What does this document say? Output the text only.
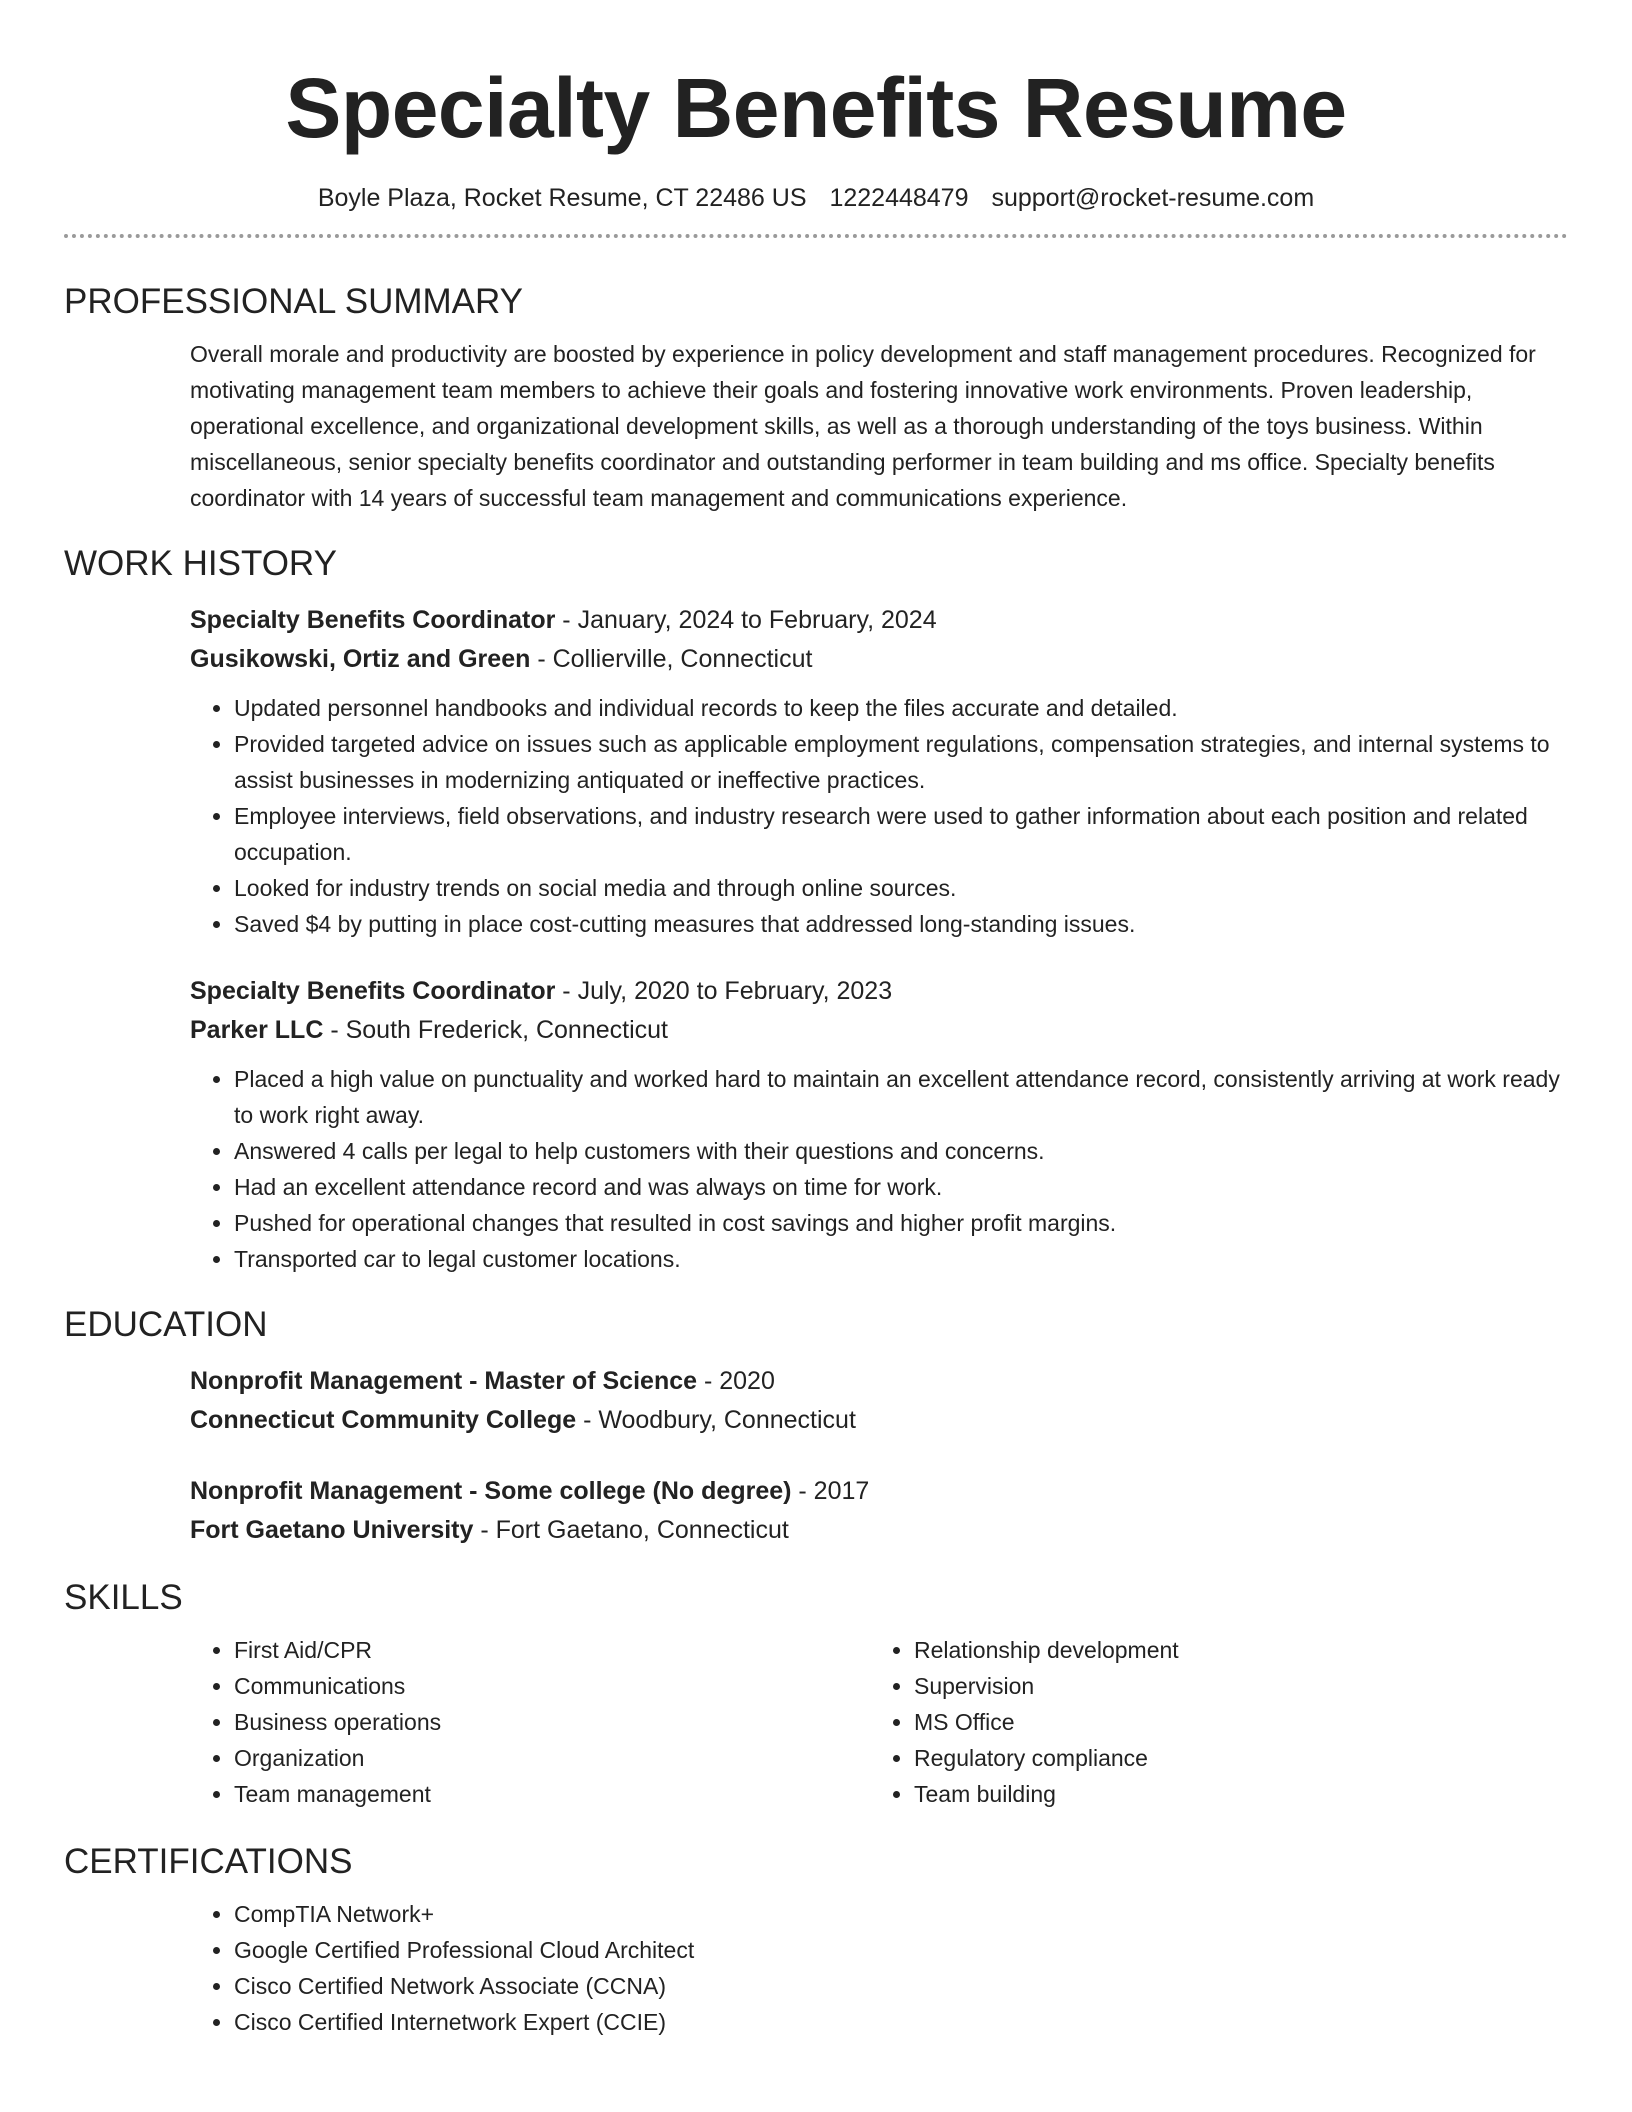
Specialty Benefits Resume
Boyle Plaza, Rocket Resume, CT 22486 US 1222448479 support@rocket-resume.com
PROFESSIONAL SUMMARY

Overall morale and productivity are boosted by experience in policy development and staff management procedures. Recognized for motivating management team members to achieve their goals and fostering innovative work environments. Proven leadership, operational excellence, and organizational development skills, as well as a thorough understanding of the toys business. Within miscellaneous, senior specialty benefits coordinator and outstanding performer in team building and ms office. Specialty benefits coordinator with 14 years of successful team management and communications experience.

WORK HISTORY
Specialty Benefits Coordinator - January, 2024 to February, 2024
Gusikowski, Ortiz and Green - Collierville, Connecticut
• Updated personnel handbooks and individual records to keep the files accurate and detailed.
• Provided targeted advice on issues such as applicable employment regulations, compensation strategies, and internal systems to assist businesses in modernizing antiquated or ineffective practices.
• Employee interviews, field observations, and industry research were used to gather information about each position and related occupation.
• Looked for industry trends on social media and through online sources.
• Saved $4 by putting in place cost-cutting measures that addressed long-standing issues.
Specialty Benefits Coordinator - July, 2020 to February, 2023
Parker LLC - South Frederick, Connecticut
• Placed a high value on punctuality and worked hard to maintain an excellent attendance record, consistently arriving at work ready to work right away.
• Answered 4 calls per legal to help customers with their questions and concerns.
• Had an excellent attendance record and was always on time for work.
• Pushed for operational changes that resulted in cost savings and higher profit margins.
• Transported car to legal customer locations.
EDUCATION
Nonprofit Management - Master of Science - 2020
Connecticut Community College - Woodbury, Connecticut
Nonprofit Management - Some college (No degree) - 2017
Fort Gaetano University - Fort Gaetano, Connecticut
SKILLS
• First Aid/CPR
• Communications
• Business operations
• Organization
• Team management
• Relationship development
• Supervision
• MS Office
• Regulatory compliance
• Team building
CERTIFICATIONS
• CompTIA Network+
• Google Certified Professional Cloud Architect
• Cisco Certified Network Associate (CCNA)
• Cisco Certified Internetwork Expert (CCIE)
